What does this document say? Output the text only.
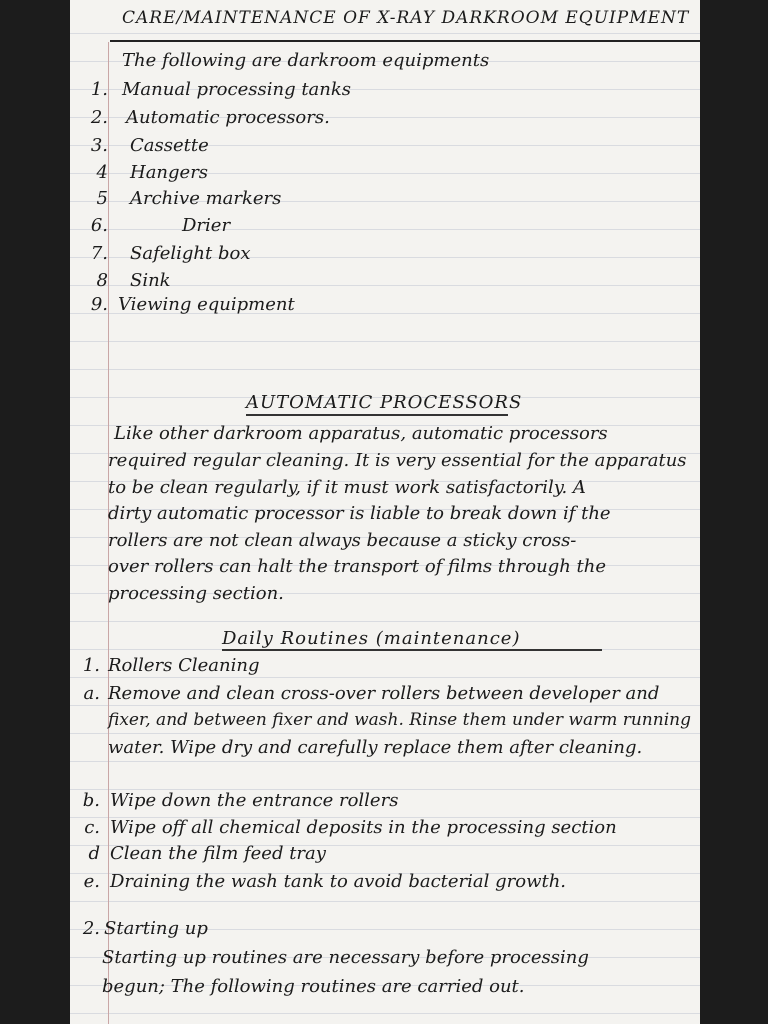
CARE/MAINTENANCE OF X-RAY DARKROOM EQUIPMENT
The following are darkroom equipments
1. Manual processing tanks
2. Automatic processors.
3. Cassette
4 Hangers
5 Archive markers
6.	Drier
7. Safelight box
8 Sink
9. Viewing equipment
AUTOMATIC PROCESSORS
Like other darkroom apparatus, automatic processors
required regular cleaning. It is very essential for the apparatus
to be clean regularly, if it must work satisfactorily. A
dirty automatic processor is liable to break down if the
rollers are not clean always because a sticky cross-
over rollers can halt the transport of films through the
processing section.
Daily Routines (maintenance)
1. Rollers Cleaning
a. Remove and clean cross-over rollers between developer and
fixer, and between fixer and wash. Rinse them under warm running
water. Wipe dry and carefully replace them after cleaning.
b. Wipe down the entrance rollers
c. Wipe off all chemical deposits in the processing section
d Clean the film feed tray
e. Draining the wash tank to avoid bacterial growth.
2. Starting up
Starting up routines are necessary before processing
begun; The following routines are carried out.
